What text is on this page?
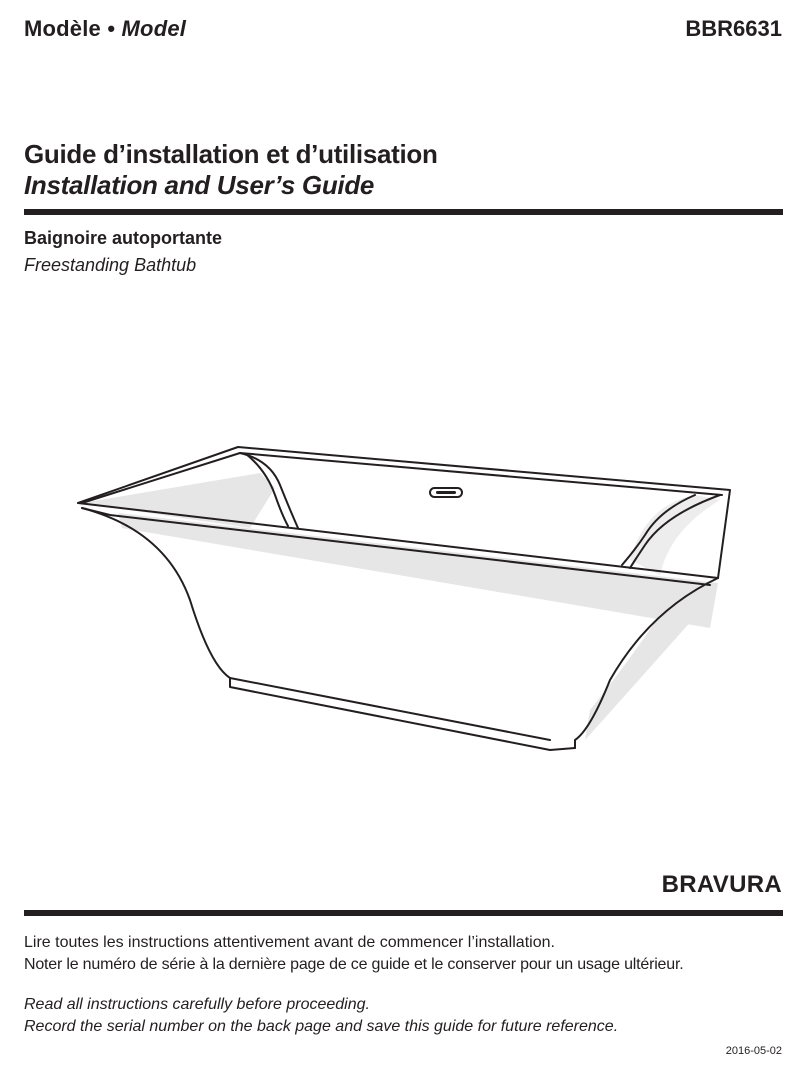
Modèle • Model	BBR6631
Guide d’installation et d’utilisation
Installation and User’s Guide
Baignoire autoportante
Freestanding Bathtub
BRAVURA
Lire toutes les instructions attentivement avant de commencer l’installation.
Noter le numéro de série à la dernière page de ce guide et le conserver pour un usage ultérieur.
Read all instructions carefully before proceeding.
Record the serial number on the back page and save this guide for future reference.
2016-05-02
